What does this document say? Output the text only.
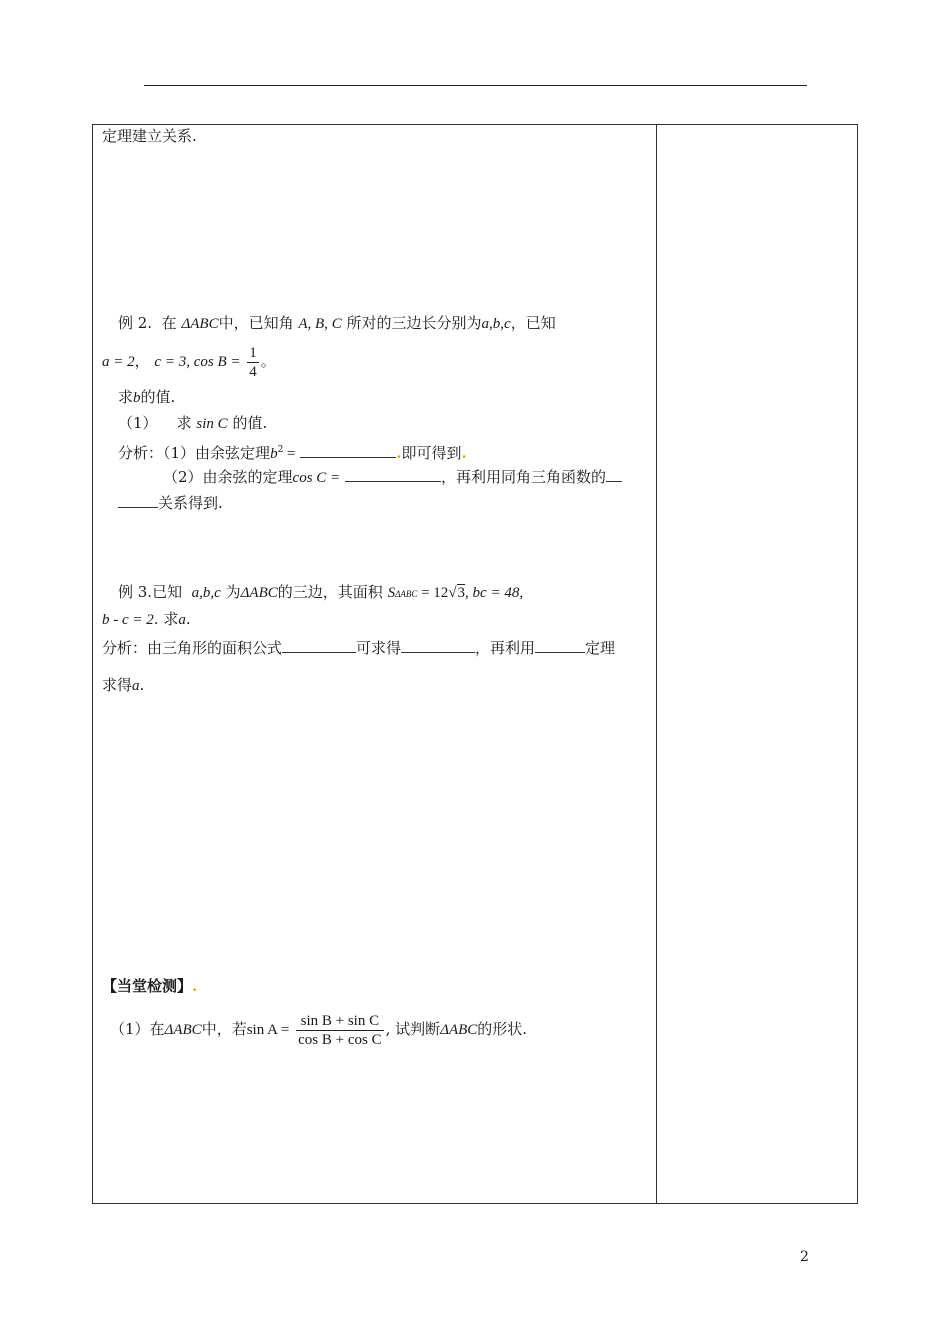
定理建立关系.
例 2. 在 ΔABC中，已知角 A, B, C 所对的三边长分别为a,b,c，已知
a = 2， c = 3, $\cos B = \frac{1}{4}$ 。
求b的值.
（1） 求 sin C 的值.
分析：（1）由余弦定理$b^2$ =	.即可得到.
（2）由余弦的定理cos C =	，再利用同角三角函数的
关系得到.
例 3.已知 a,b,c 为ΔABC的三边，其面积 SΔABC = 12√3, bc = 48,
b - c = 2. 求a.
分析：由三角形的面积公式	可求得	，再利用	定理
求得a.
【当堂检测】.
（1）在ΔABC中，若$\sin A = \frac{\text{sin B + sin C}}{\text{cos B + cos C}}$ , 试判断ΔABC的形状.
2
